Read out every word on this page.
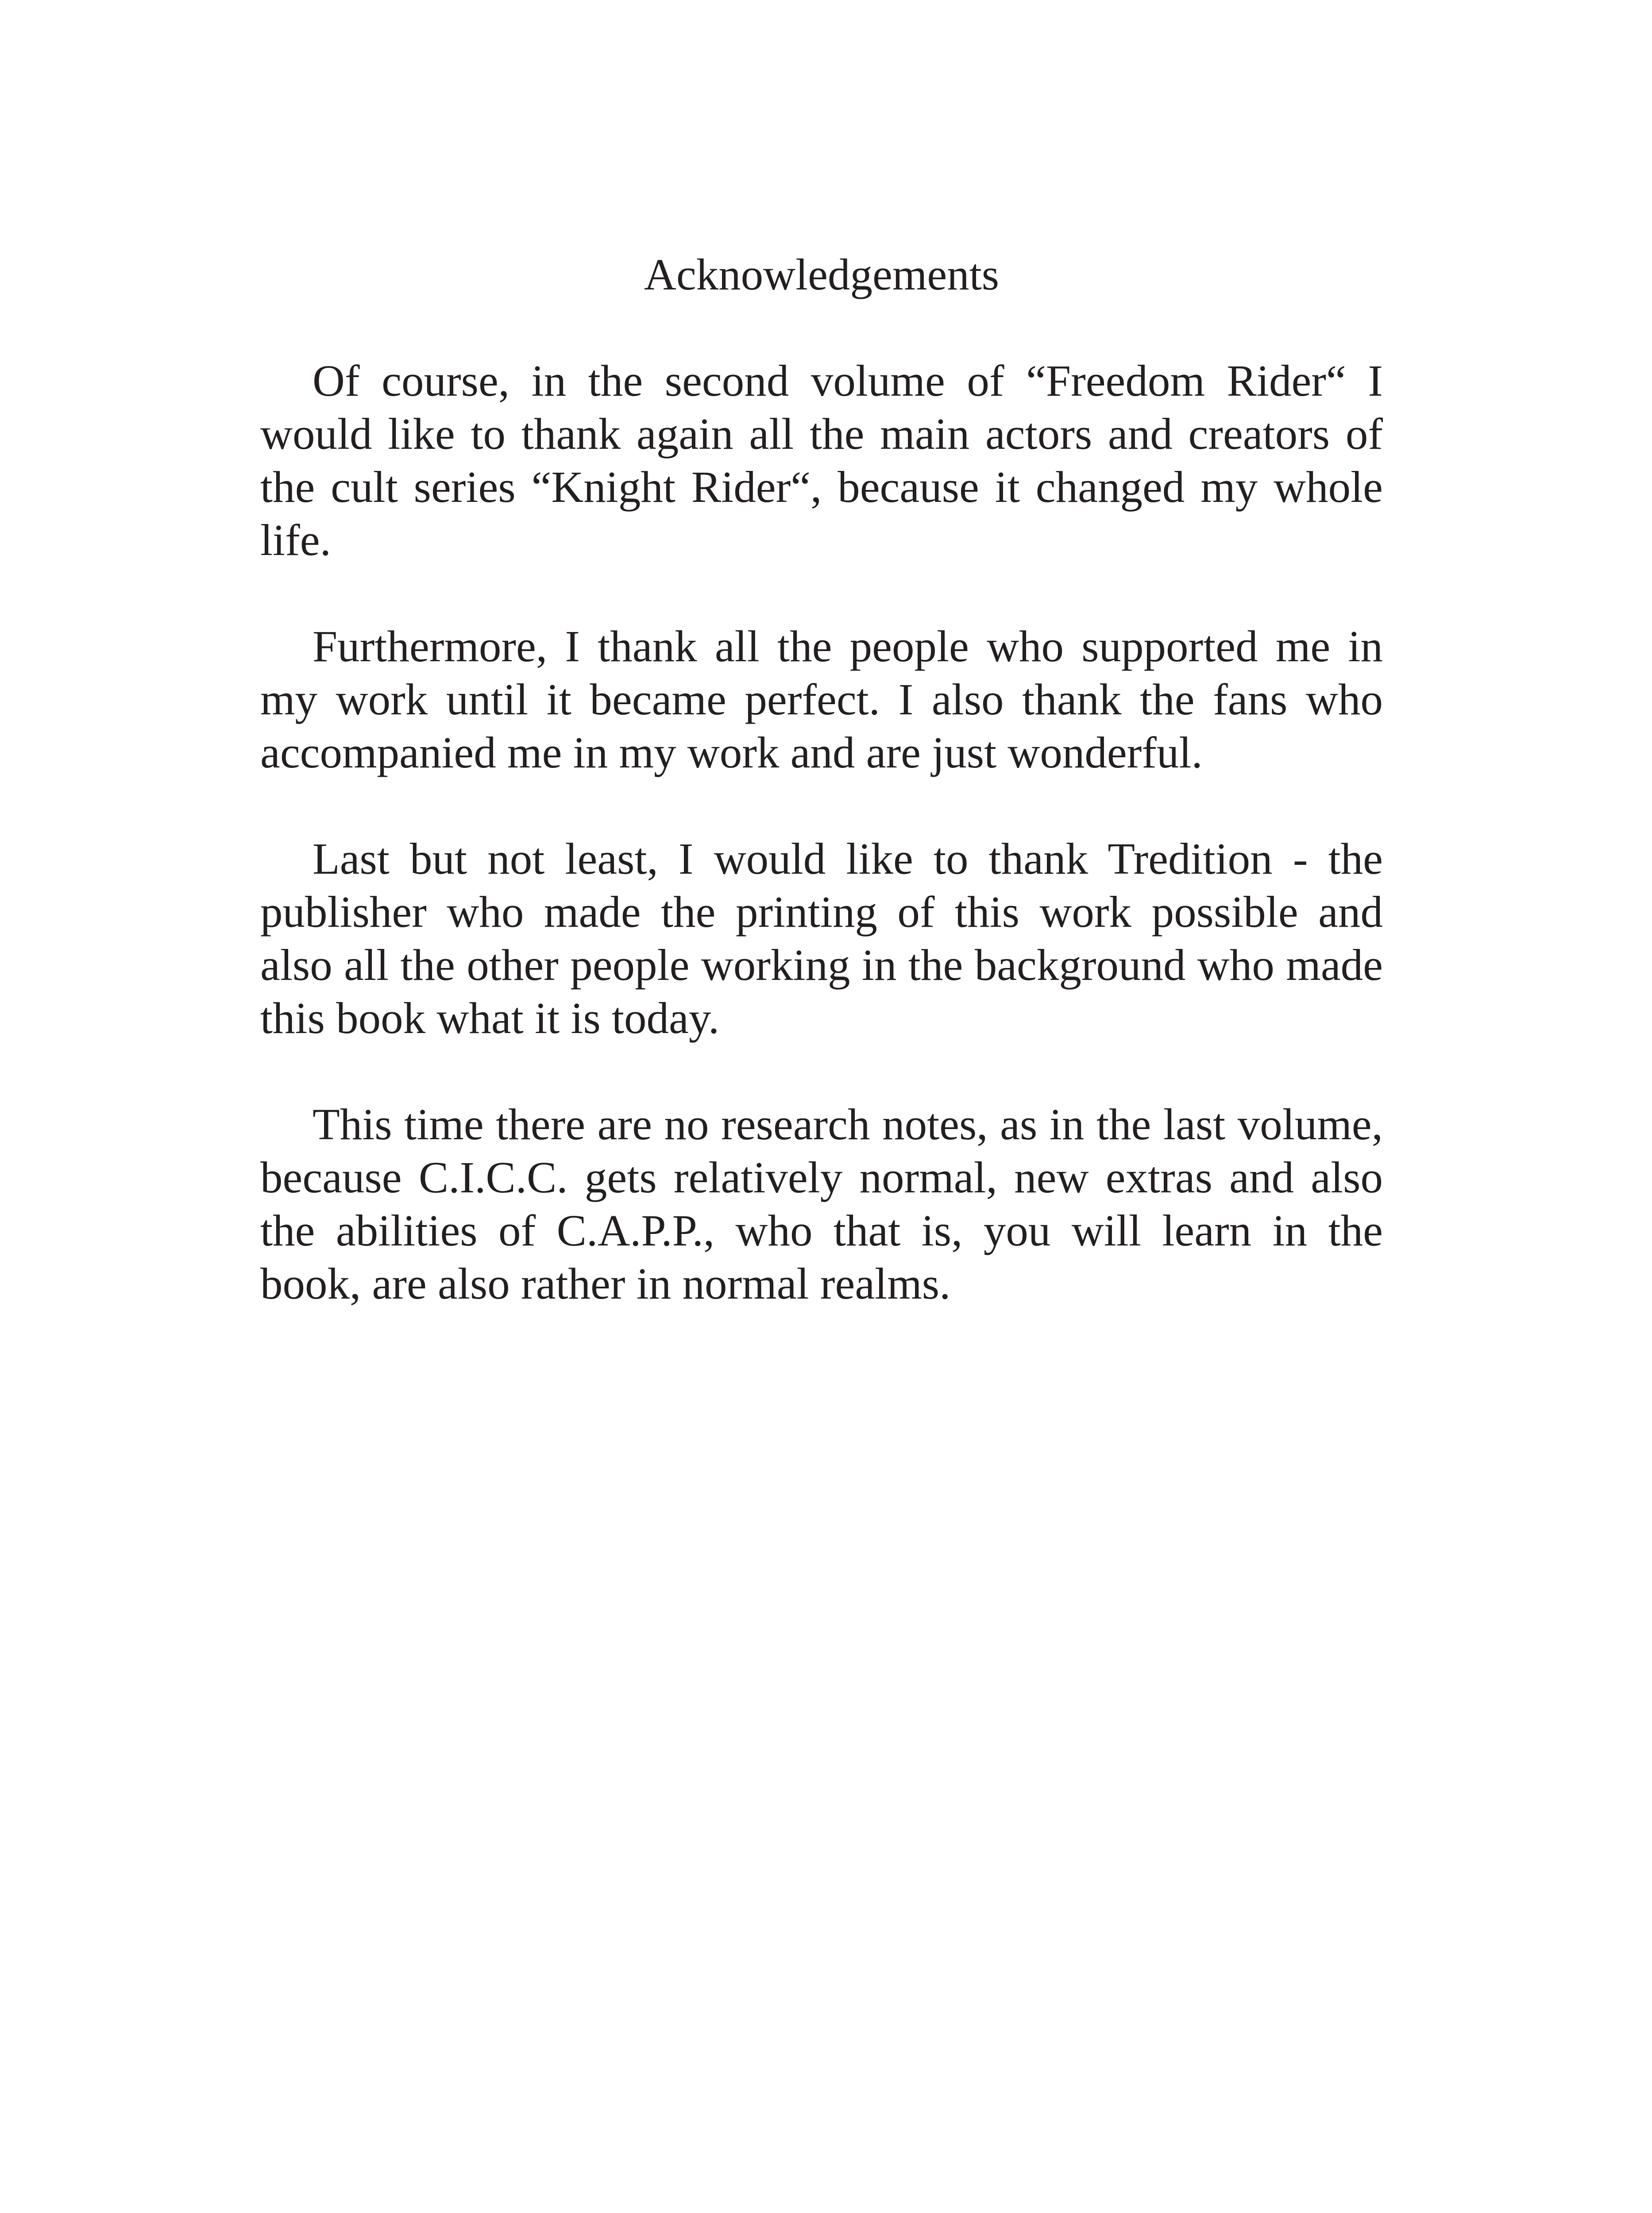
Acknowledgements

Of course, in the second volume of “Freedom Rider“ I would like to thank again all the main actors and creators of the cult series “Knight Rider“, because it changed my whole life.

Furthermore, I thank all the people who supported me in my work until it became perfect. I also thank the fans who accompanied me in my work and are just wonderful.

Last but not least, I would like to thank Tredition - the publisher who made the printing of this work possible and also all the other people working in the background who made this book what it is today.

This time there are no research notes, as in the last volume, because C.I.C.C. gets relatively normal, new extras and also the abilities of C.A.P.P., who that is, you will learn in the book, are also rather in normal realms.
